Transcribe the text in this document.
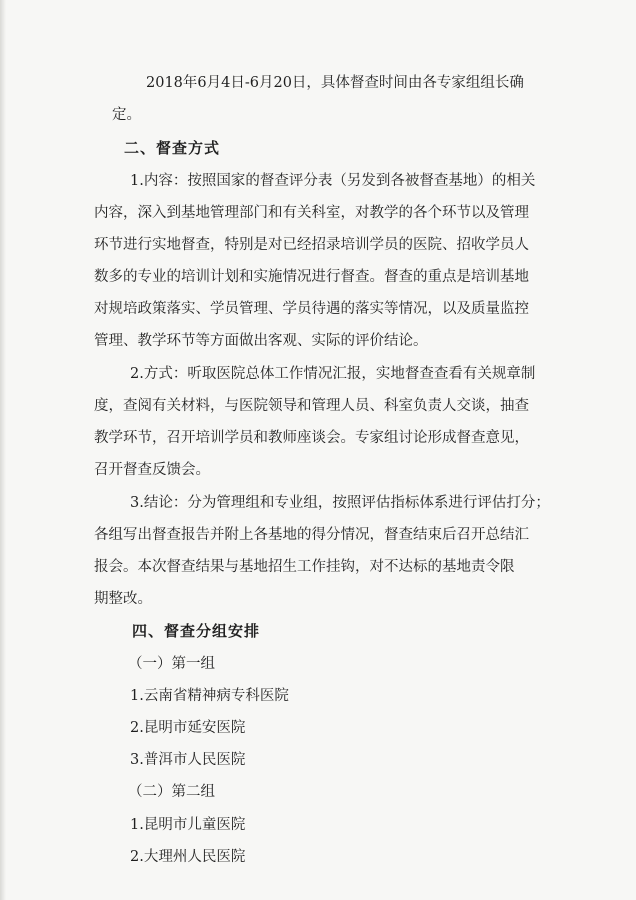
2018年6月4日-6月20日，具体督查时间由各专家组组长确
定。
二、督查方式
1.内容：按照国家的督查评分表（另发到各被督查基地）的相关
内容，深入到基地管理部门和有关科室，对教学的各个环节以及管理
环节进行实地督查，特别是对已经招录培训学员的医院、招收学员人
数多的专业的培训计划和实施情况进行督查。督查的重点是培训基地
对规培政策落实、学员管理、学员待遇的落实等情况，以及质量监控
管理、教学环节等方面做出客观、实际的评价结论。
2.方式：听取医院总体工作情况汇报，实地督查查看有关规章制
度，查阅有关材料，与医院领导和管理人员、科室负责人交谈，抽查
教学环节，召开培训学员和教师座谈会。专家组讨论形成督查意见，
召开督查反馈会。
3.结论：分为管理组和专业组，按照评估指标体系进行评估打分；
各组写出督查报告并附上各基地的得分情况，督查结束后召开总结汇
报会。本次督查结果与基地招生工作挂钩，对不达标的基地责令限
期整改。
四、督查分组安排
（一）第一组
1.云南省精神病专科医院
2.昆明市延安医院
3.普洱市人民医院
（二）第二组
1.昆明市儿童医院
2.大理州人民医院
